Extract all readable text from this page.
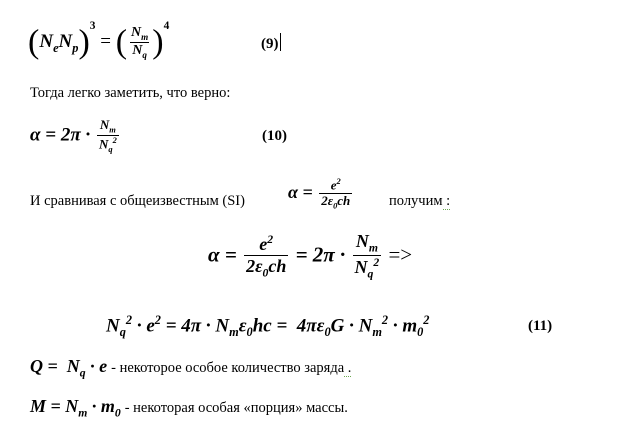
$(N_eN_p)^3$ = ( $\frac{N_m}{N_q} )^4$
(9)
Тогда легко заметить, что верно:
$\alpha = 2\pi \cdot \frac{N_m}{N_q^2}$	(10)
И сравнивая с общеизвестным (SI) $\alpha = \frac{e^2}{2\varepsilon_0ch}$	получим :
$\alpha = \frac{e^2}{2\varepsilon_0ch} = 2\pi \cdot \frac{N_m}{N_q^2}$ =>
$N_q^2 \cdot e^2 = 4\pi \cdot N_m\varepsilon_0hc = 4\pi\varepsilon_0G \cdot N_m^2 \cdot m_0^2$	(11)
$Q = N_q \cdot e$ - некоторое особое количество заряда .
$M = N_m \cdot m_0$ - некоторая особая «порция» массы.
